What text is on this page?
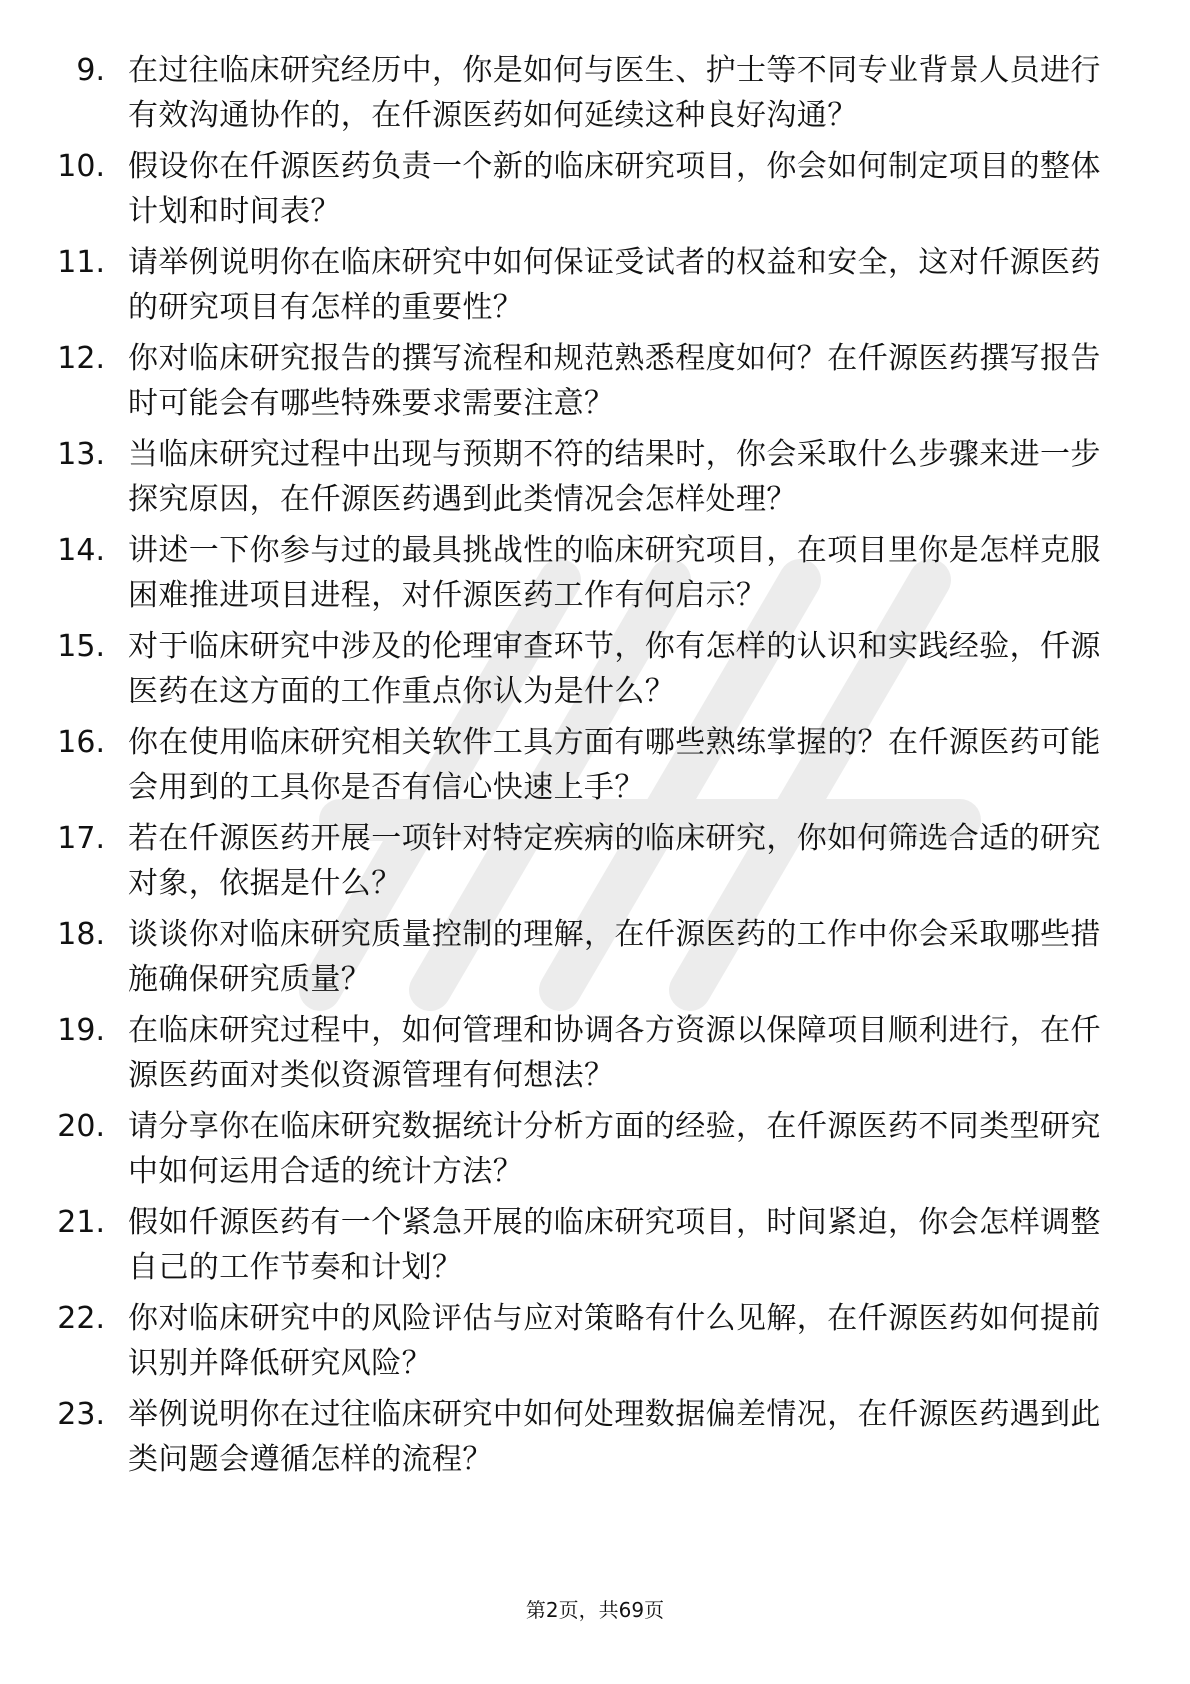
9. 在过往临床研究经历中，你是如何与医生、护士等不同专业背景人员进行有效沟通协作的，在仟源医药如何延续这种良好沟通？
10. 假设你在仟源医药负责一个新的临床研究项目，你会如何制定项目的整体计划和时间表？
11. 请举例说明你在临床研究中如何保证受试者的权益和安全，这对仟源医药的研究项目有怎样的重要性？
12. 你对临床研究报告的撰写流程和规范熟悉程度如何？在仟源医药撰写报告时可能会有哪些特殊要求需要注意？
13. 当临床研究过程中出现与预期不符的结果时，你会采取什么步骤来进一步探究原因，在仟源医药遇到此类情况会怎样处理？
14. 讲述一下你参与过的最具挑战性的临床研究项目，在项目里你是怎样克服困难推进项目进程，对仟源医药工作有何启示？
15. 对于临床研究中涉及的伦理审查环节，你有怎样的认识和实践经验，仟源医药在这方面的工作重点你认为是什么？
16. 你在使用临床研究相关软件工具方面有哪些熟练掌握的？在仟源医药可能会用到的工具你是否有信心快速上手？
17. 若在仟源医药开展一项针对特定疾病的临床研究，你如何筛选合适的研究对象，依据是什么？
18. 谈谈你对临床研究质量控制的理解，在仟源医药的工作中你会采取哪些措施确保研究质量？
19. 在临床研究过程中，如何管理和协调各方资源以保障项目顺利进行，在仟源医药面对类似资源管理有何想法？
20. 请分享你在临床研究数据统计分析方面的经验，在仟源医药不同类型研究中如何运用合适的统计方法？
21. 假如仟源医药有一个紧急开展的临床研究项目，时间紧迫，你会怎样调整自己的工作节奏和计划？
22. 你对临床研究中的风险评估与应对策略有什么见解，在仟源医药如何提前识别并降低研究风险？
23. 举例说明你在过往临床研究中如何处理数据偏差情况，在仟源医药遇到此类问题会遵循怎样的流程？
第2页，共69页
